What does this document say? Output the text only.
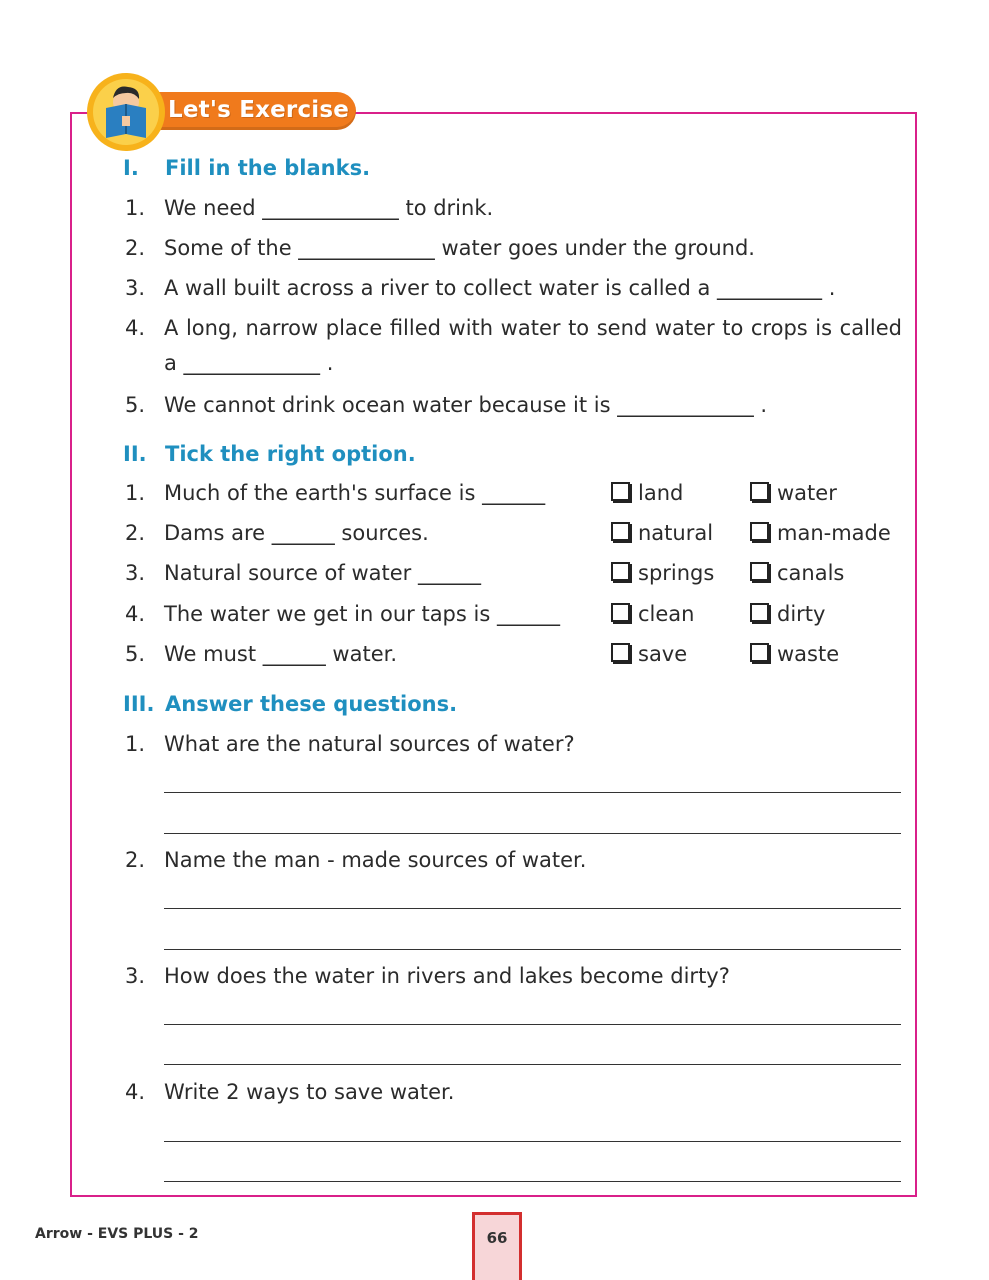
Let's Exercise
I. Fill in the blanks.
1. We need _____________ to drink.
2. Some of the _____________ water goes under the ground.
3. A wall built across a river to collect water is called a __________ .
4. A long, narrow place filled with water to send water to crops is called a _____________ .
5. We cannot drink ocean water because it is _____________ .
II. Tick the right option.
1. Much of the earth's surface is ______	land	water
2. Dams are ______ sources.	natural	man-made
3. Natural source of water ______	springs	canals
4. The water we get in our taps is ______	clean	dirty
5. We must ______ water.	save	waste
III. Answer these questions.
1. What are the natural sources of water?
2. Name the man - made sources of water.
3. How does the water in rivers and lakes become dirty?
4. Write 2 ways to save water.
Arrow - EVS PLUS - 2	66
